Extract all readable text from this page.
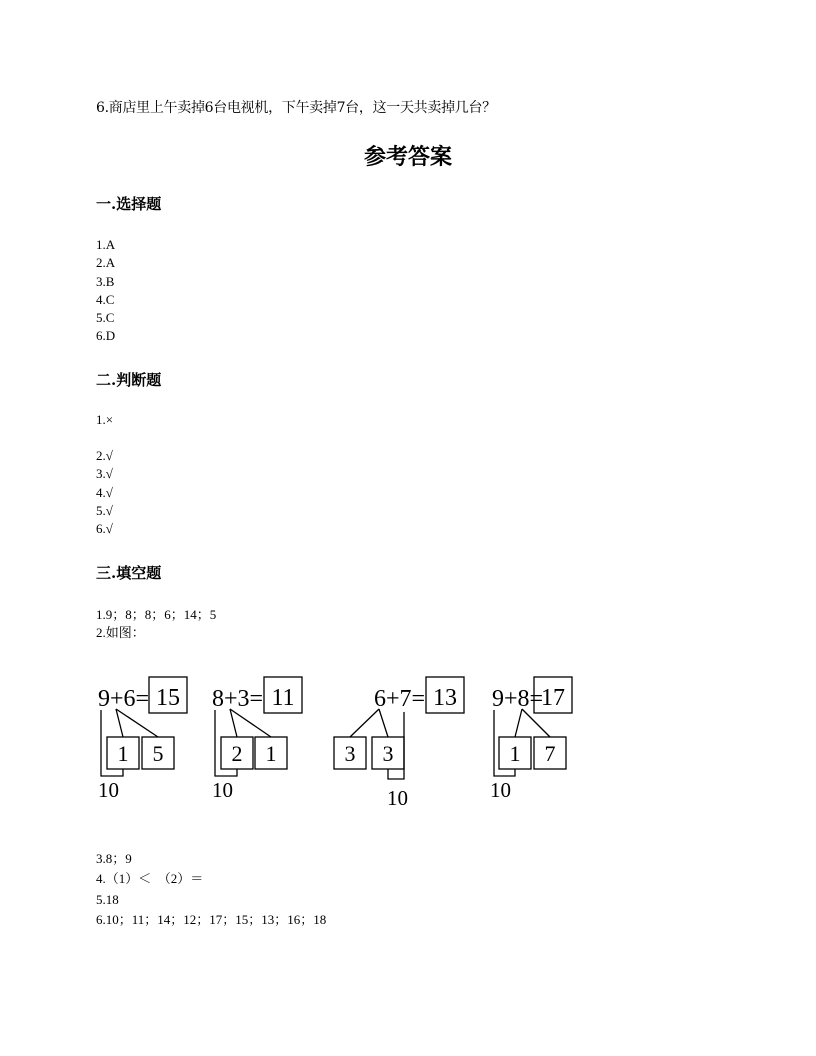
6.商店里上午卖掉6台电视机，下午卖掉7台，这一天共卖掉几台？
参考答案
一.选择题
1.A
2.A
3.B
4.C
5.C
6.D
二.判断题
1.×
2.√
3.√
4.√
5.√
6.√
三.填空题
1.9；8；8；6；14；5
2.如图：
9+6= 15
1 5
10
8+3= 11
2 1
10
6+7= 13
3 3
10
9+8=
17
1 7
10
3.8；9
4.（1）＜　（2）＝
5.18
6.10；11；14；12；17；15；13；16；18
